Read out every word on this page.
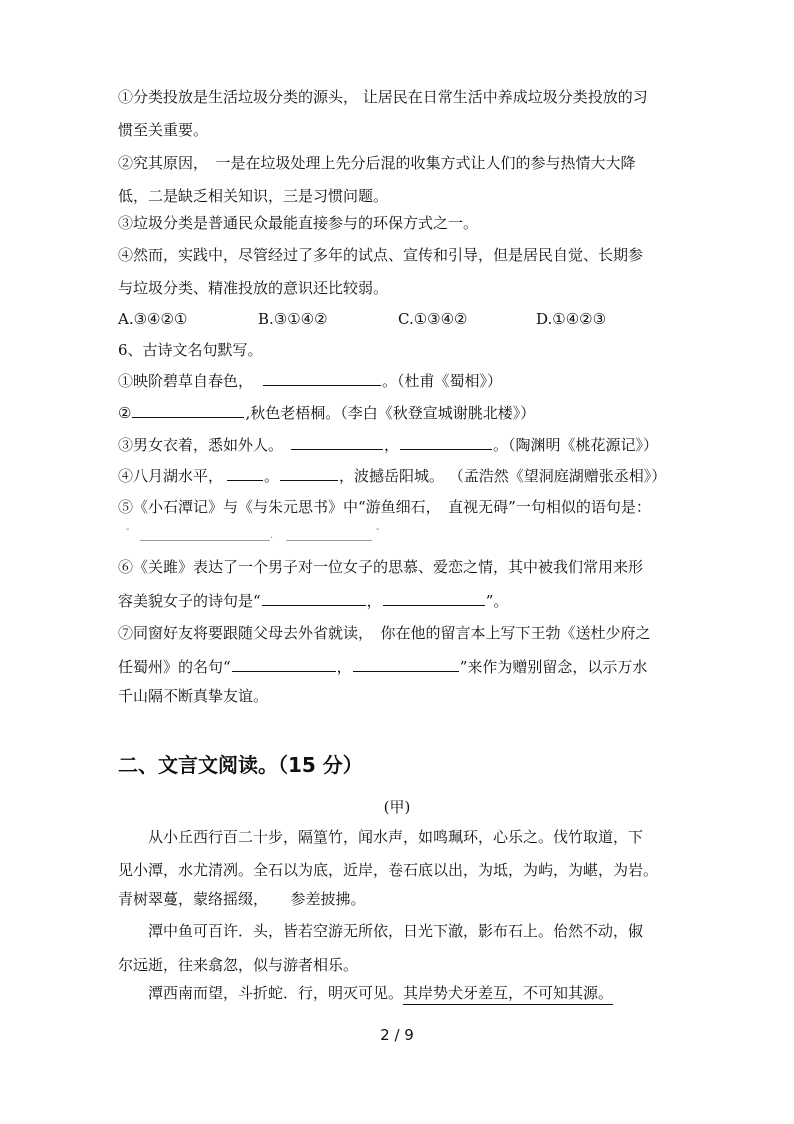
①分类投放是生活垃圾分类的源头， 让居民在日常生活中养成垃圾分类投放的习
惯至关重要。
②究其原因，　一是在垃圾处理上先分后混的收集方式让人们的参与热情大大降
低，二是缺乏相关知识，三是习惯问题。
③垃圾分类是普通民众最能直接参与的环保方式之一。
④然而，实践中，尽管经过了多年的试点、宣传和引导，但是居民自觉、长期参
与垃圾分类、精准投放的意识还比较弱。
A.③④②①	B.③①④②	C.①③④②	D.①④②③
6、古诗文名句默写。
①映阶碧草自春色，	。（杜甫《蜀相》）
②	,秋色老梧桐。（李白《秋登宣城谢朓北楼》）
③男女衣着，悉如外人。	，	。（陶渊明《桃花源记》）
④八月湖水平，	。	，波撼岳阳城。 （孟浩然《望洞庭湖赠张丞相》）
⑤《小石潭记》与《与朱元思书》中“游鱼细石，　直视无碍”一句相似的语句是：
-
.
-
⑥《关雎》表达了一个男子对一位女子的思慕、爱恋之情，其中被我们常用来形
容美貌女子的诗句是“	，	”。
⑦同窗好友将要跟随父母去外省就读，　你在他的留言本上写下王勃《送杜少府之
任蜀州》的名句“	，	”来作为赠别留念，以示万水
千山隔不断真挚友谊。
二、文言文阅读。（15 分）
(甲)
从小丘西行百二十步，隔篁竹，闻水声，如鸣珮环，心乐之。伐竹取道，下
见小潭，水尤清冽。全石以为底，近岸，卷石底以出，为坻，为屿，为嵁，为岩。
青树翠蔓，蒙络摇缀，　　参差披拂。
潭中鱼可百许．头，皆若空游无所依，日光下澈，影布石上。佁然不动，俶
尔远逝，往来翕忽，似与游者相乐。
潭西南而望，斗折蛇．行，明灭可见。其岸势犬牙差互，不可知其源。
2 / 9
